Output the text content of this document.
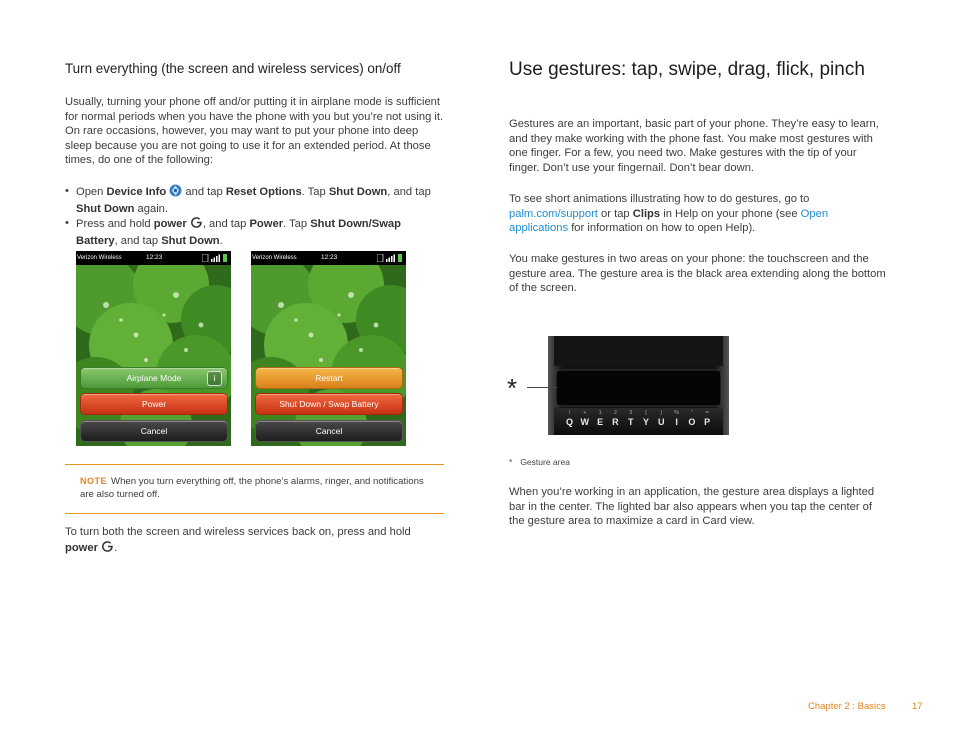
Turn everything (the screen and wireless services) on/off

Usually, turning your phone off and/or putting it in airplane mode is sufficient for normal periods when you have the phone with you but you’re not using it. On rare occasions, however, you may want to put your phone into deep sleep because you are not going to use it for an extended period. At those times, do one of the following:

• Open Device Info  and tap Reset Options. Tap Shut Down, and tap Shut Down again.
• Press and hold power , and tap Power. Tap Shut Down/Swap Battery, and tap Shut Down.
Verizon Wireless	12:23
Airplane Mode	i
Power
Cancel
Verizon Wireless	12:23
Restart
Shut Down / Swap Battery
Cancel

NOTE When you turn everything off, the phone’s alarms, ringer, and notifications are also turned off.

To turn both the screen and wireless services back on, press and hold power .

Use gestures: tap, swipe, drag, flick, pinch

Gestures are an important, basic part of your phone. They’re easy to learn, and they make working with the phone fast. You make most gestures with one finger. For a few, you need two. Make gestures with the tip of your finger. Don’t use your fingernail. Don’t bear down.

To see short animations illustrating how to do gestures, go to palm.com/support or tap Clips in Help on your phone (see Open applications for information on how to open Help).

You make gestures in two areas on your phone: the touchscreen and the gesture area. The gesture area is the black area extending along the bottom of the screen.

/
Q
+
W
1
E
2
R
3
T
(
Y
)
U
%
I
"
O
=
P
*
* Gesture area

When you’re working in an application, the gesture area displays a lighted bar in the center. The lighted bar also appears when you tap the center of the gesture area to maximize a card in Card view.

Chapter 2 : Basics	17
